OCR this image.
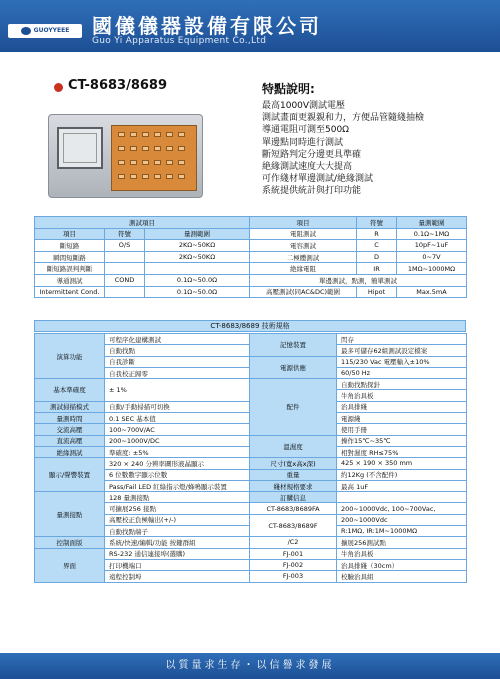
GUOYYEEE	國儀儀器設備有限公司
Guo Yi Apparatus Equipment Co.,Ltd
CT-8683/8689	特點說明:
最高1000V測試電壓
測試畫面更親親和力，方便品管隨綫抽檢
導通電阻可測至500Ω
單邊點同時進行測試
斷短路判定分邊更具準確
絶緣測試速度大大提高
可作綫材單邊測試/絶緣測試
系統提供統計與打印功能
測試項目			項目	符號	量測範圍
項目	符號	量測範圍	電阻測試	R	0.1Ω~1MΩ
斷短路	O/S	2KΩ~50KΩ	電容測試	C	10pF~1uF
瞬間短斷路		2KΩ~50KΩ	二極體測試	D	0~7V
斷短路誤判判斷			絶緣電阻	IR	1MΩ~1000MΩ
導通測試	COND	0.1Ω~50.0Ω	單邊測試，點測，簡單測試		
Intermittent Cond.		0.1Ω~50.0Ω	高壓測試(同AC&DC)範圍	Hipot	Max.5mA
CT-8683/8689 技術規格
演算功能	可程序化建構測試	記憶裝置	閃存
	自動找點		最多可儲存62組測試設定檔案
	自我診斷	電源供應	115/230 Vac 電壓輸入±10%
	自我校正歸零		60/50 Hz
基本準確度	± 1%	配件	自動找點探針
			牛角治具板
測試掃描模式	自動/手動掃描可切換		治具排綫
量測時間	0.1 SEC 基本值		電源綫
交流高壓	100~700V/AC		使用手冊
直流高壓	200~1000V/DC	溫濕度	操作15℃~35℃
絶緣測試	準確度: ±5%		相對濕度 RH≤75%
顯示/聲響裝置	320 × 240 分辨率圖形液晶顯示	尺寸(寬x高x深)	425 × 190 × 350 mm
	6 位數數字顯示位數	重量	約12Kg (不含配件)
	Pass/Fail LED 紅綠指示燈/蜂鳴顯示裝置	綫材規格要求	最高 1uF
量測接點	128 量測接點	訂購信息	
	可擴展256 接點	CT-8683/8689FA	200~1000Vdc, 100~700Vac,
	高壓校正負極輸出(+/-)	CT-8683/8689F	200~1000Vdc
	自動找點端子		R:1MΩ, IR:1M~1000MΩ
控制面版	系統/快速/編輯/功能 按鍵群組	/C2	擴展256測試點
界面	RS-232 通信連接埠(選購)	FJ-001	牛角治具板
	打印機端口	FJ-002	治具排綫（30cm）
	遠程控制埠	FJ-003	校驗治具組
以質量求生存・以信譽求發展
